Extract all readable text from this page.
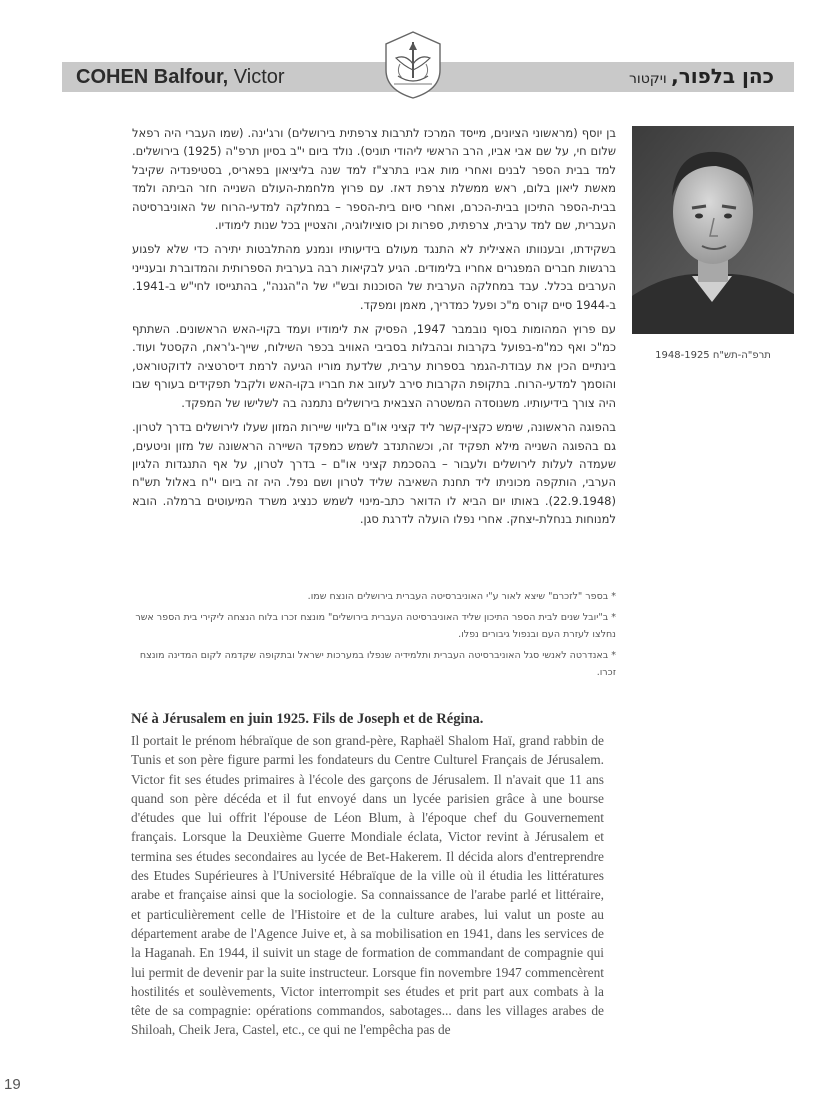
COHEN Balfour, Victor	כהן בלפור, ויקטור
תרפ"ה-תש"ח 1948-1925

בן יוסף (מראשוני הציונים, מייסד המרכז לתרבות צרפתית בירושלים) ורג'ינה. (שמו העברי היה רפאל שלום חי, על שם אבי אביו, הרב הראשי ליהודי תוניס). נולד ביום י"ב בסיון תרפ"ה (1925) בירושלים. למד בבית הספר לבנים ואחרי מות אביו בתרצ"ז למד שנה בליציאון בפאריס, בסטיפנדיה שקיבל מאשת ליאון בלום, ראש ממשלת צרפת דאז. עם פרוץ מלחמת-העולם השנייה חזר הביתה ולמד בבית-הספר התיכון בבית-הכרם, ואחרי סיום בית-הספר – במחלקה למדעי-הרוח של האוניברסיטה העברית, שם למד ערבית, צרפתית, ספרות וכן סוציולוגיה, והצטיין בכל שנות לימודיו.

בשקידתו, ובענוותו האצילית לא התנגד מעולם בידיעותיו ונמנע מהתלבטות יתירה כדי שלא לפגוע ברגשות חברים המפגרים אחריו בלימודים. הגיע לבקיאות רבה בערבית הספרותית והמדוברת ובענייני הערבים בכלל. עבד במחלקה הערבית של הסוכנות ובש"י של ה"הגנה", בהתגייסו לחי"ש ב-1941. ב-1944 סיים קורס מ"כ ופעל כמדריך, מאמן ומפקד.

עם פרוץ המהומות בסוף נובמבר 1947, הפסיק את לימודיו ועמד בקוי-האש הראשונים. השתתף כמ"כ ואף כמ"מ-בפועל בקרבות ובהבלות בסביבי האוויב בכפר השילוח, שייך-ג'ראח, הקסטל ועוד. בינתיים הכין את עבודת-הגמר בספרות ערבית, שלדעת מוריו הגיעה לרמת דיסרטציה לדוקטוראט, והוסמך למדעי-הרוח. בתקופת הקרבות סירב לעזוב את חבריו בקו-האש ולקבל תפקידים בעורף שבו היה צורך בידיעותיו. משנוסדה המשטרה הצבאית בירושלים נתמנה בה לשלישו של המפקד.

בהפוגה הראשונה, שימש כקצין-קשר ליד קציני או"ם בליווי שיירות המזון שעלו לירושלים בדרך לטרון. גם בהפוגה השנייה מילא תפקיד זה, וכשהתנדב לשמש כמפקד השיירה הראשונה של מזון וניטעים, שעמדה לעלות לירושלים ולעבור – בהסכמת קציני או"ם – בדרך לטרון, על אף התנגדות הלגיון הערבי, הותקפה מכוניתו ליד תחנת השאיבה שליד לטרון ושם נפל. היה זה ביום י"ח באלול תש"ח (22.9.1948). באותו יום הביא לו הדואר כתב-מינוי לשמש כנציג משרד המיעוטים ברמלה. הובא למנוחות בנחלת-יצחק. אחרי נפלו הועלה לדרגת סגן.

* בספר "לזכרם" שיצא לאור ע"י האוניברסיטה העברית בירושלים הונצח שמו.

* ב"יובל שנים לבית הספר התיכון שליד האוניברסיטה העברית בירושלים" מונצח זכרו בלוח הנצחה ליקירי בית הספר אשר נחלצו לעזרת העם ובנפול גיבורים נפלו.

* באנדרטה לאנשי סגל האוניברסיטה העברית ותלמידיה שנפלו במערכות ישראל ובתקופה שקדמה לקום המדינה מונצח זכרו.

Né à Jérusalem en juin 1925. Fils de Joseph et de Régina.
Il portait le prénom hébraïque de son grand-père, Raphaël Shalom Haï, grand rabbin de Tunis et son père figure parmi les fondateurs du Centre Culturel Français de Jérusalem. Victor fit ses études primaires à l'école des garçons de Jérusalem. Il n'avait que 11 ans quand son père décéda et il fut envoyé dans un lycée parisien grâce à une bourse d'études que lui offrit l'épouse de Léon Blum, à l'époque chef du Gouvernement français. Lorsque la Deuxième Guerre Mondiale éclata, Victor revint à Jérusalem et termina ses études secondaires au lycée de Bet-Hakerem. Il décida alors d'entreprendre des Etudes Supérieures à l'Université Hébraïque de la ville où il étudia les littératures arabe et française ainsi que la sociologie. Sa connaissance de l'arabe parlé et littéraire, et particulièrement celle de l'Histoire et de la culture arabes, lui valut un poste au département arabe de l'Agence Juive et, à sa mobilisation en 1941, dans les services de la Haganah. En 1944, il suivit un stage de formation de commandant de compagnie qui lui permit de devenir par la suite instructeur. Lorsque fin novembre 1947 commencèrent hostilités et soulèvements, Victor interrompit ses études et prit part aux combats à la tête de sa compagnie: opérations commandos, sabotages... dans les villages arabes de Shiloah, Cheik Jera, Castel, etc., ce qui ne l'empêcha pas de
19
